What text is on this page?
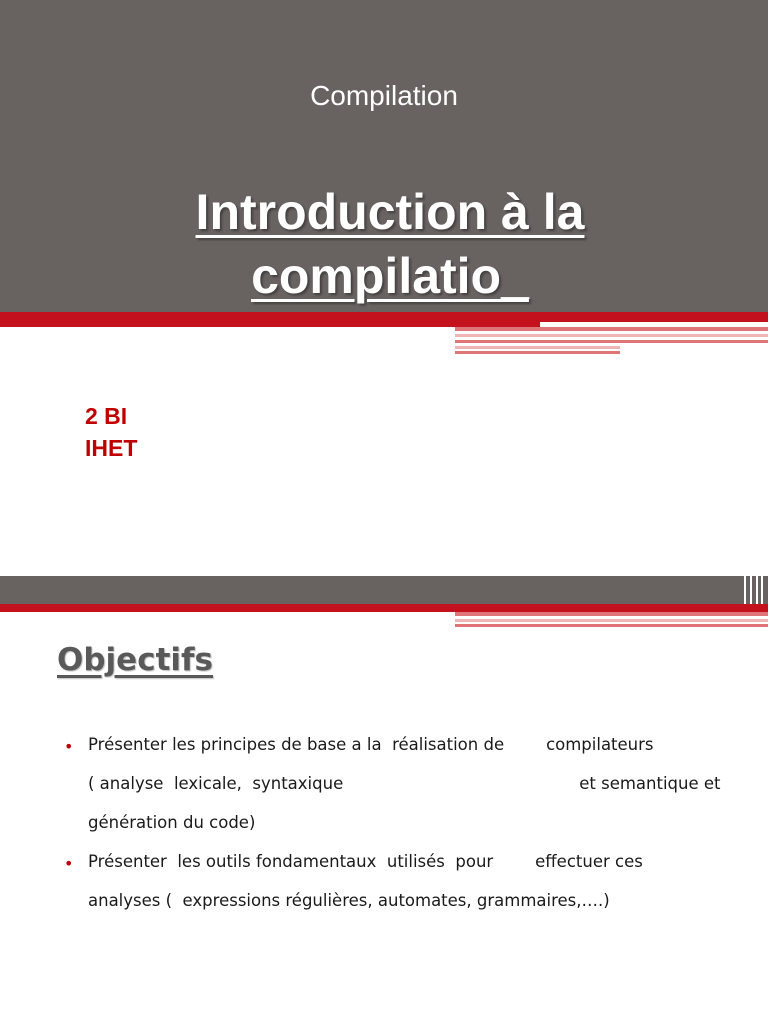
Compilation
Introduction à la
compilatio_
2 BI
IHET
Objectifs
• Présenter les principes de base a la  réalisation de        compilateurs
( analyse  lexicale,  syntaxique                                             et semantique et
génération du code)
• Présenter  les outils fondamentaux  utilisés  pour        effectuer ces
analyses (  expressions régulières, automates, grammaires,….)
